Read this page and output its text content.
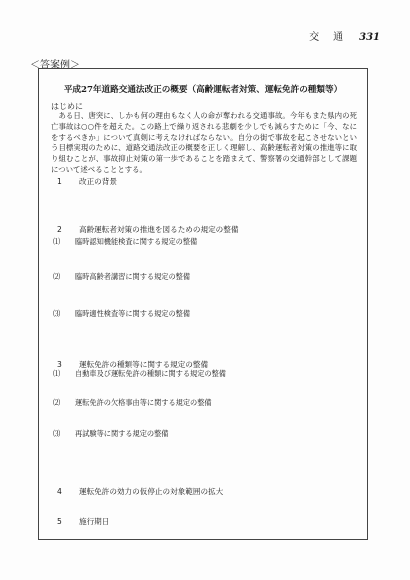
交　通 331
＜答案例＞
平成27年道路交通法改正の概要（高齢運転者対策、運転免許の種類等）
はじめに
　ある日、唐突に、しかも何の理由もなく人の命が奪われる交通事故。今年もまた県内の死亡事故は○○件を超えた。この路上で繰り返される悲劇を少しでも減らすために「今、なにをするべきか」について真剣に考えなければならない。自分の街で事故を起こさせないという目標実現のために、道路交通法改正の概要を正しく理解し、高齢運転者対策の推進等に取り組むことが、事故抑止対策の第一歩であることを踏まえて、警察署の交通幹部として課題について述べることとする。
1 改正の背景
2 高齢運転者対策の推進を図るための規定の整備
⑴ 臨時認知機能検査に関する規定の整備
⑵ 臨時高齢者講習に関する規定の整備
⑶ 臨時適性検査等に関する規定の整備
3 運転免許の種類等に関する規定の整備
⑴ 自動車及び運転免許の種類に関する規定の整備
⑵ 運転免許の欠格事由等に関する規定の整備
⑶ 再試験等に関する規定の整備
4 運転免許の効力の仮停止の対象範囲の拡大
5 施行期日
